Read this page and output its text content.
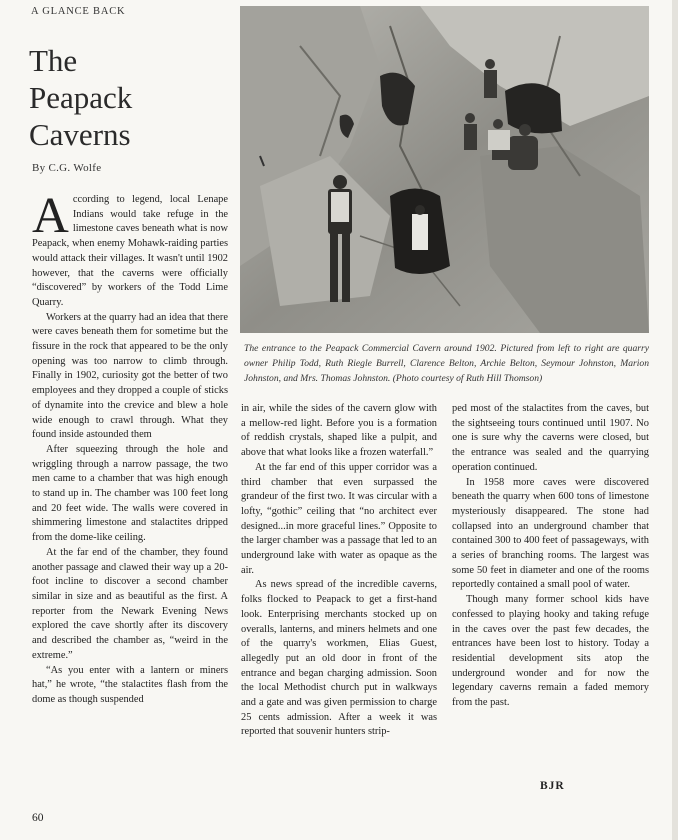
A GLANCE BACK
The
Peapack
Caverns
By C.G. Wolfe
The entrance to the Peapack Commercial Cavern around 1902. Pictured from left to right are quarry owner Philip Todd, Ruth Riegle Burrell, Clarence Belton, Archie Belton, Seymour Johnston, Marion Johnston, and Mrs. Thomas Johnston. (Photo courtesy of Ruth Hill Thomson)

According to legend, local Lenape Indians would take refuge in the limestone caves beneath what is now Peapack, when enemy Mohawk-raiding parties would attack their villages. It wasn't until 1902 however, that the caverns were officially “discovered” by workers of the Todd Lime Quarry.

Workers at the quarry had an idea that there were caves beneath them for sometime but the fissure in the rock that appeared to be the only opening was too narrow to climb through. Finally in 1902, curiosity got the better of two employees and they dropped a couple of sticks of dynamite into the crevice and blew a hole wide enough to crawl through. What they found inside astounded them

After squeezing through the hole and wriggling through a narrow passage, the two men came to a chamber that was high enough to stand up in. The chamber was 100 feet long and 20 feet wide. The walls were covered in shimmering limestone and stalactites dripped from the dome-like ceiling.

At the far end of the chamber, they found another passage and clawed their way up a 20-foot incline to discover a second chamber similar in size and as beautiful as the first. A reporter from the Newark Evening News explored the cave shortly after its discovery and described the chamber as, “weird in the extreme.”

“As you enter with a lantern or miners hat,” he wrote, “the stalactites flash from the dome as though suspended

in air, while the sides of the cavern glow with a mellow-red light. Before you is a formation of reddish crystals, shaped like a pulpit, and above that what looks like a frozen waterfall.”

At the far end of this upper corridor was a third chamber that even surpassed the grandeur of the first two. It was circular with a lofty, “gothic” ceiling that “no architect ever designed...in more graceful lines.” Opposite to the larger chamber was a passage that led to an underground lake with water as opaque as the air.

As news spread of the incredible caverns, folks flocked to Peapack to get a first-hand look. Enterprising merchants stocked up on overalls, lanterns, and miners helmets and one of the quarry's workmen, Elias Guest, allegedly put an old door in front of the entrance and began charging admission. Soon the local Methodist church put in walkways and a gate and was given permission to charge 25 cents admission. After a week it was reported that souvenir hunters strip-

ped most of the stalactites from the caves, but the sightseeing tours continued until 1907. No one is sure why the caverns were closed, but the entrance was sealed and the quarrying operation continued.

In 1958 more caves were discovered beneath the quarry when 600 tons of limestone mysteriously disappeared. The stone had collapsed into an underground chamber that contained 300 to 400 feet of passageways, with a series of branching rooms. The largest was some 50 feet in diameter and one of the rooms reportedly contained a small pool of water.

Though many former school kids have confessed to playing hooky and taking refuge in the caves over the past few decades, the entrances have been lost to history. Today a residential development sits atop the underground wonder and for now the legendary caverns remain a faded memory from the past.

BJR
60
